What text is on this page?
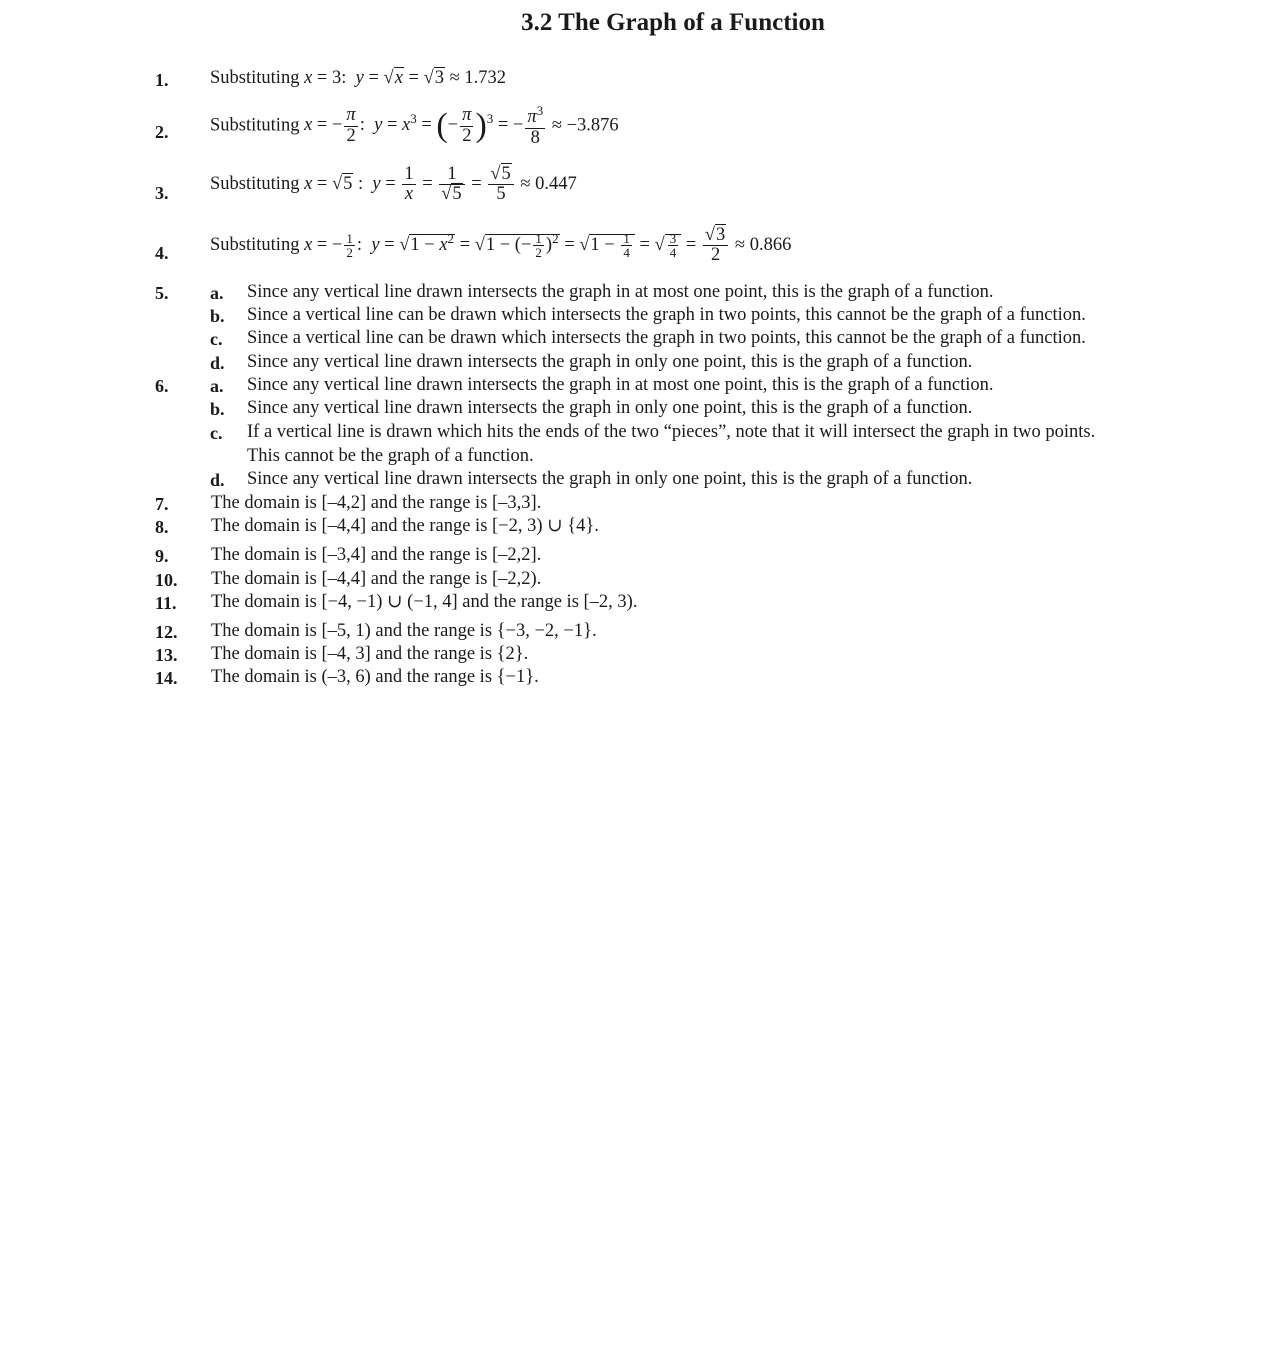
3.2 The Graph of a Function
1.	Substituting x = 3:  y = √x = √3 ≈ 1.732
2.	Substituting x = − $\frac{\pi}{2}$ :  $y = x^3$ = (− $\frac{\pi}{2} )^3$ = − $\frac{\pi^3}{8} \approx -3.876$
3.	Substituting x = √5 :  $y = \frac{1}{x} = \frac{1}{√5} = \frac{√5}{5} \approx 0.447$
4.	Substituting x = − $\frac{1}{2}$ :  $y = √1 - x^2 = √1$ − (− $\frac{1}{2} )^2 = √1 - \frac{1}{4}$ = √ $\frac{3}{4} = \frac{√3}{2} \approx 0.866$
5.	a. Since any vertical line drawn intersects the graph in at most one point, this is the graph of a function.
b. Since a vertical line can be drawn which intersects the graph in two points, this cannot be the graph of a function.
c. Since a vertical line can be drawn which intersects the graph in two points, this cannot be the graph of a function.
d. Since any vertical line drawn intersects the graph in only one point, this is the graph of a function.
6.	a. Since any vertical line drawn intersects the graph in at most one point, this is the graph of a function.
b. Since any vertical line drawn intersects the graph in only one point, this is the graph of a function.
c. If a vertical line is drawn which hits the ends of the two “pieces”, note that it will intersect the graph in two points.
This cannot be the graph of a function.
d. Since any vertical line drawn intersects the graph in only one point, this is the graph of a function.
7.	The domain is [–4,2] and the range is [–3,3].
8.	The domain is [–4,4] and the range is [−2, 3) ∪ {4}.
9.	The domain is [–3,4] and the range is [–2,2].
10.	The domain is [–4,4] and the range is [–2,2).
11.	The domain is [−4, −1) ∪ (−1, 4] and the range is [–2, 3).
12.	The domain is [–5, 1) and the range is {−3, −2, −1}.
13.	The domain is [–4, 3] and the range is {2}.
14.	The domain is (–3, 6) and the range is {−1}.
